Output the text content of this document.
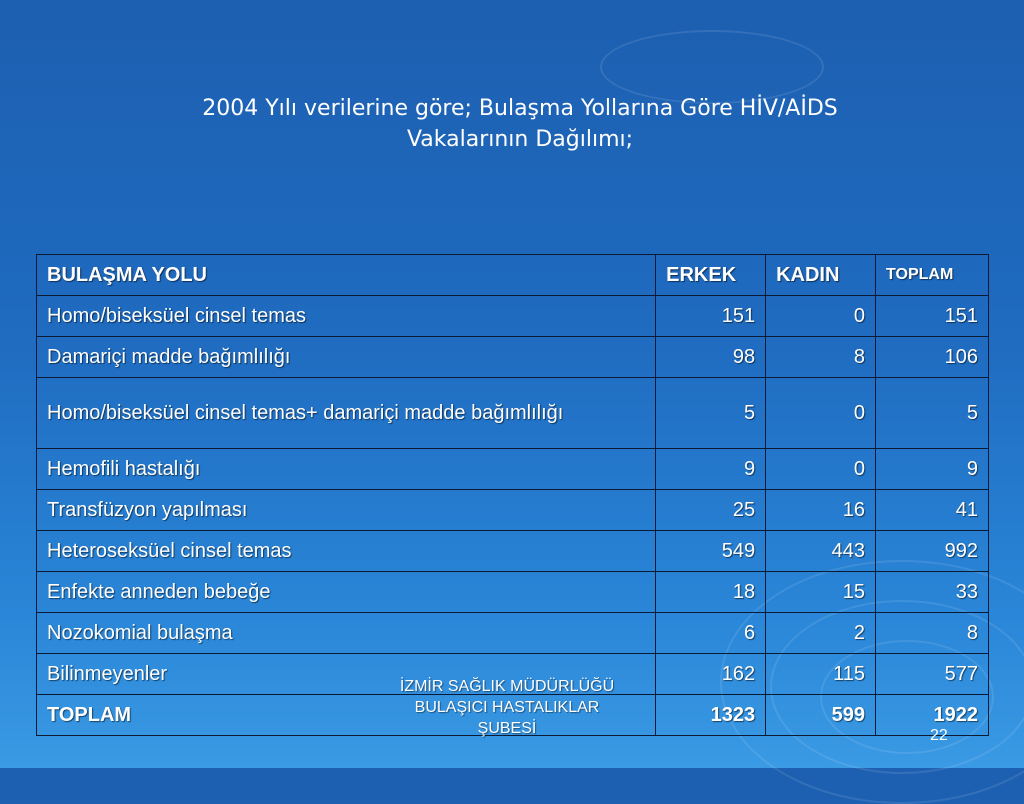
2004 Yılı verilerine göre; Bulaşma Yollarına Göre HİV/AİDS
Vakalarının Dağılımı;
BULAŞMA YOLU	ERKEK	KADIN	TOPLAM
Homo/biseksüel cinsel temas	151	0	151
Damariçi madde bağımlılığı	98	8	106
Homo/biseksüel cinsel temas+ damariçi madde bağımlılığı	5	0	5
Hemofili hastalığı	9	0	9
Transfüzyon yapılması	25	16	41
Heteroseksüel cinsel temas	549	443	992
Enfekte anneden bebeğe	18	15	33
Nozokomial bulaşma	6	2	8
Bilinmeyenler	162	115	577
TOPLAM	1323	599	1922
İZMİR SAĞLIK MÜDÜRLÜĞÜ
BULAŞICI HASTALIKLAR
ŞUBESİ	22
